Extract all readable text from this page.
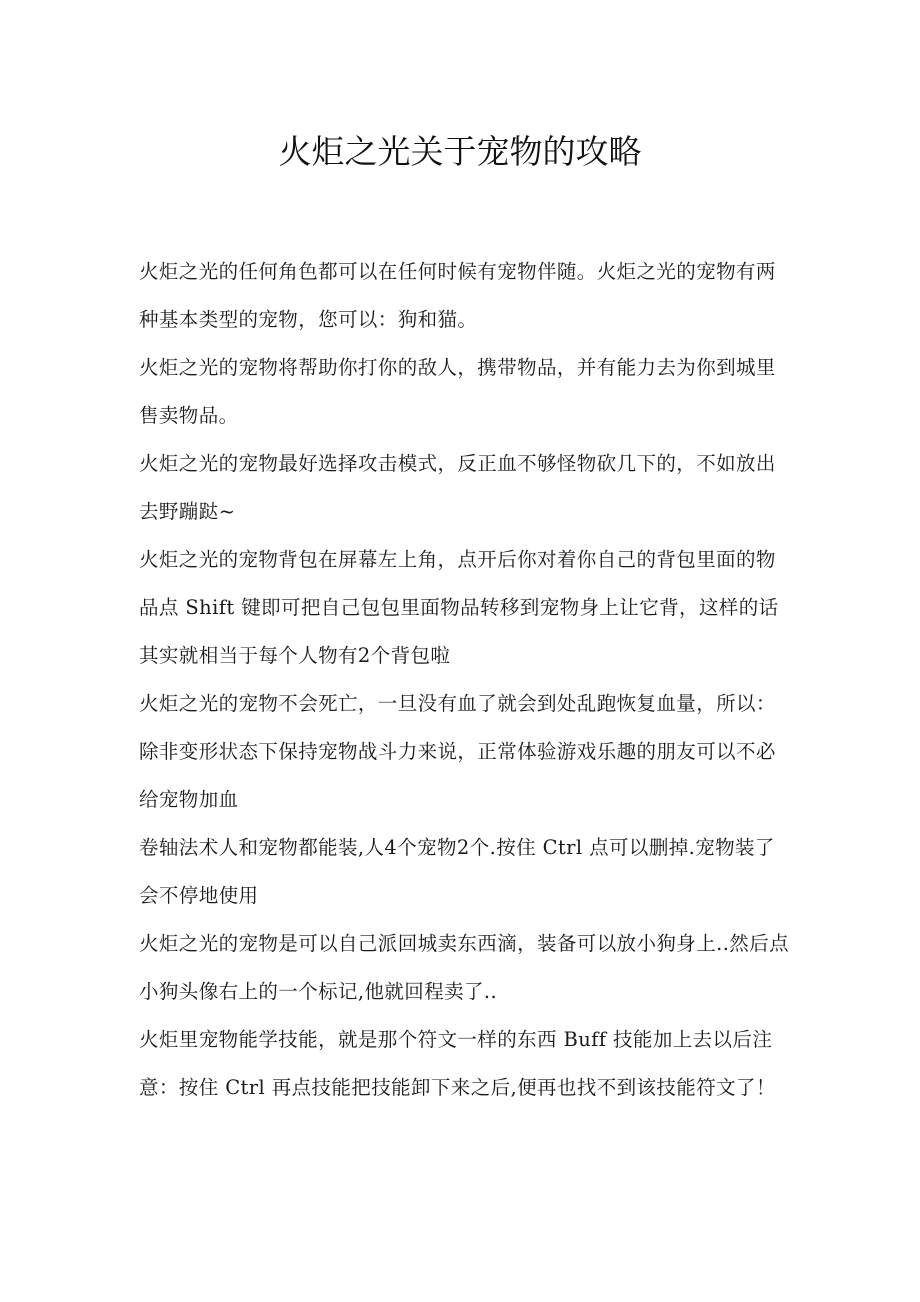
火炬之光关于宠物的攻略

火炬之光的任何角色都可以在任何时候有宠物伴随。火炬之光的宠物有两种基本类型的宠物，您可以：狗和猫。

火炬之光的宠物将帮助你打你的敌人，携带物品，并有能力去为你到城里售卖物品。

火炬之光的宠物最好选择攻击模式，反正血不够怪物砍几下的，不如放出去野蹦跶~

火炬之光的宠物背包在屏幕左上角，点开后你对着你自己的背包里面的物品点 Shift 键即可把自己包包里面物品转移到宠物身上让它背，这样的话其实就相当于每个人物有2个背包啦

火炬之光的宠物不会死亡，一旦没有血了就会到处乱跑恢复血量，所以：除非变形状态下保持宠物战斗力来说，正常体验游戏乐趣的朋友可以不必给宠物加血

卷轴法术人和宠物都能装,人4个宠物2个.按住 Ctrl 点可以删掉.宠物装了会不停地使用

火炬之光的宠物是可以自己派回城卖东西滴，装备可以放小狗身上..然后点小狗头像右上的一个标记,他就回程卖了..

火炬里宠物能学技能，就是那个符文一样的东西 Buff 技能加上去以后注意：按住 Ctrl 再点技能把技能卸下来之后,便再也找不到该技能符文了！
